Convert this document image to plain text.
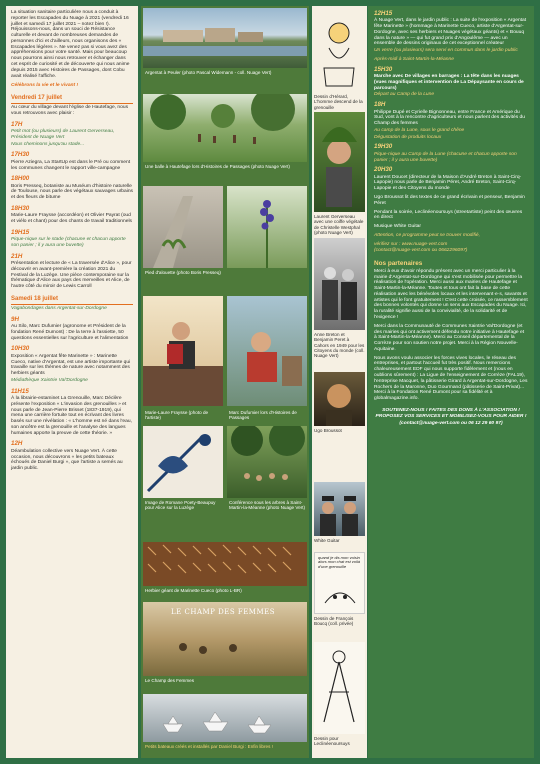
La situation sanitaire particulière nous a conduit à reporter les Escapades du Nuage à 2021 (vendredi 16 juillet et samedi 17 juillet 2021 – notez bien !). Réjouissons-nous, dans un souci de Résistance culturelle et devant de nombreuses demandes de personnes d'ici et d'ailleurs, nous organisons des « Escapades légères ». Ne venez pas si vous avez des appréhensions pour votre santé. Mais pour beaucoup nous pourrons ainsi nous retrouver et échanger dans cet esprit de curiosité et de découverte qui nous anime depuis 2015 avec Histoires de Passages, dont Cobu avait réalisé l'affiche.
Célébrons la vie et le vivant !
Vendredi 17 juillet

Au cœur du village devant l'église de Hautefage, nous vous retrouvons avec plaisir :

17H

Petit mot (ou plusieurs) de Laurent Gerverseau, Président de Nuage Vert

Nous cheminons jusqu'au stade...

17H30

Pierre Aziegra, La StartUp est dans le Pré ou comment les communes changent le rapport ville-campagne

18H00

Boris Presseq, botaniste au Muséum d'histoire naturelle de Toulouse, nous parle des végétaux sauvages urbains et des fleurs de bitume

18H30

Marie-Laure Fraysse (accordéon) et Olivier Payrat (oud et viélo et chant) pour des chants de travail traditionnels

19H15

Pique-nique sur le stade (chacune et chacun apporte son panier ; il y aura une buvette)

21H

Présentation et lecture de « La traversée d'Alice », pour découvrir en avant-première la création 2021 du Festival de la Luzège. Une pièce contemporaine sur la thématique d'Alice aux pays des merveilles et Alice, de l'autre côté du miroir de Lewis Carroll

Samedi 18 juillet

Vagabondages dans Argentat-sur-Dordogne

9H

Au Silo, Marc Dufumier (agronome et Président de la fondation René Dumont) : De la terre à l'assiette, 50 questions essentielles sur l'agriculture et l'alimentation

10H30

Exposition « Argentat fête Marinette » : Marinette Cueco, native d'Argentat, est une artiste importante qui travaille sur les thèmes de nature avec notamment des herbiers géants

Médiathèque Xaintrie Val'Dordogne

11H15

À la librairie-estaminet La Grenouille, Marc Déclère présente l'exposition « L'invasion des grenouilles » et nous parle de Jean-Pierre Brisset (1837-1919), qui mena une carrière fortuite tout en écrivant des livres basés sur une révélation : « L'homme est né dans l'eau, son ancêtre est la grenouille et l'analyse des langues humaines apporte la preuve de cette théorie. »

12H

Déambulation collective vers Nuage Vert. À cette occasion, nous découvrons « les petits bateaux échoués de Daniel Burgi », que l'artiste a semés au jardin public.

Argentat à Peuler (photo Pascal Widemann - coll. Nuage Vert)
Une balle à Hautefage lors d'Histoires de Passages (photo Nuage Vert)
Pied d'alouette (photo Boris Presseq)
Marie-Laure Fraysse (photo de l'artiste)
Marc Dufumier lors d'Histoires de Passages
Image de Romane Poety-Beaupuy pour Alice sur la Luzège
Conférence sous les arbres à Saint-Martin-la-Méanne (photo Nuage Vert)
Herbier géant de Marinette Cueco (photo L-BR)
LE CHAMP DES FEMMES
Le Champ des Femmes
Petits bateaux créés et installés par Daniel Burgi : Enfin libres !
Dessin d'Hérard, L'homme descend de la grenouille
Laurent Gerverseau avec une coiffe végétale de Christelle Westphal (photo Nuage Vert)
Anne Breton et Benjamin Peret à Cahors en 1949 pour les Citoyens du monde (coll. Nuage Vert)
Ugo Broussot
White Guitar
quand je dis mon voisin alors mon chat est voilà d'une grenouille
Dessin de François Boucq (coll. privée)
Dessin pour Leclinéenoursuys
12H15

À Nuage Vert, dans le jardin public : La suite de l'exposition « Argentat fête Marinette » (hommage à Marinette Cueco, artiste d'Argentat-sur-Dordogne, avec ses herbiers et Nuages végétaux géants) et « Bouuq dans la nature » — qui fut grand prix d'Angoulême — avec un ensemble de dessins originaux de cet exceptionnel créateur

Un verre (ou plusieurs) sera servi en commun dans le jardin public

Après-midi à Saint-Martin-la-Méanne

15H30

Marche avec De villages en barrages : La tête dans les nuages (vues magnifiques et intervention de La Dépaysante en cours de parcours)

Départ au Camp de la Lune

18H

Philippe Dupé et Cyrielle Bignonneau, entre France et Amérique du Sud, vont à la rencontre d'agriculteurs et nous parlent des activités du Champ des femmes

Au camp de la Lune, sous le grand chêne

Dégustation de produits locaux

19H30

Pique-nique au Camp de la Lune (chacune et chacun apporte son panier ; il y aura une buvette)

20H30

Laurent Doucet (directeur de la Maison d'André Breton à Saint-Cirq-Lapopie) nous parle de Benjamin Péret, André Breton, Saint-Cirq-Lapopie et des Citoyens du monde

Ugo Broussot lit des textes de ce grand écrivain et penseur, Benjamin Péret

Pendant la soirée, Leclinéenoursuys (streetartiste) peint des œuvres en direct

Musique White Guitar

Attention, ce programme peut se trouver modifié,

vérifiez sur : www.nuage-vert.com

(contact@nuage-vert.com ou 0662296097)

Nos partenaires

Merci à eux d'avoir répondu présent avec un merci particulier à la mairie d'Argentat-sur-Dordogne qui s'est mobilisée pour permettre la réalisation de l'opération. Merci aussi aux mairies de Hautefage et Saint-Martin-la-Méanne. Toutes et tous ont fait la base de cette réalisation avec les bénévoles locaux et les intervenant·e·s, savants et artistes qui le font gratuitement ! C'est cette croisée, ce rassemblement des bonnes volontés qui donne un sens aux Escapades du Nuage. Ici, la ruralité signifie aussi de la convivialité, de la solidarité et de l'exigence !

Merci dans la Communauté de Communes Xaintrie Val'Dordogne (et des mairies qui ont activement défendu notre initiative à Hautefage et à Saint-Martin-la-Méanne). Merci au Conseil départemental de la Corrèze pour son soutien notre projet. Merci à la Région Nouvelle-Aquitaine.

Nous avons voulu associer les forces vives locales, le réseau des entreprises, et partout l'accueil fut très positif. Nous remercions chaleureusement EDF qui nous supporte fidèlement et (nous en oublions sûrement) : La Ligue de l'enseignement de Corrèze (FAL19), l'entreprise Macquet, la pâtisserie Girard à Argentat-sur-Dordogne, Les Rochers de la Maronne, Duo Gourmand (pâtisserie de Saint-Privat)... Merci à la Fondation René Dumont pour sa fidélité et à globalmagazine.info.

SOUTENEZ-NOUS ! FAITES DES DONS À L'ASSOCIATION ! PROPOSEZ VOS SERVICES ET MOBILISEZ-VOUS POUR AIDER !
(contact@nuage-vert.com ou 06 12 29 60 97)
